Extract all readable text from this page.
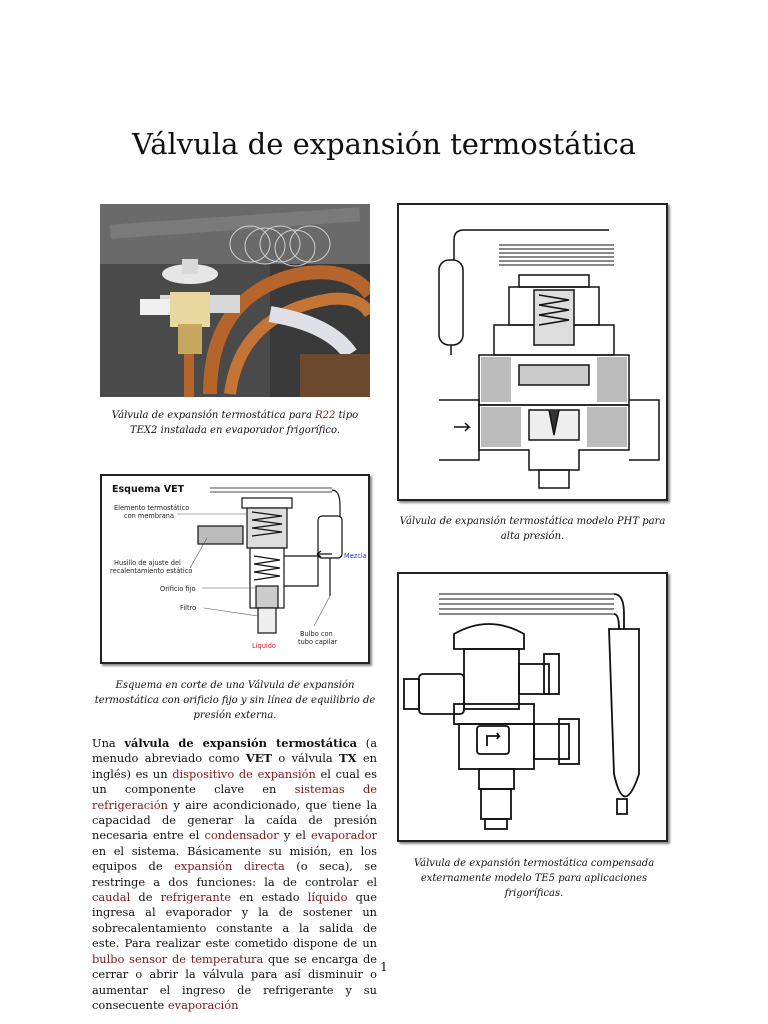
Válvula de expansión termostática
Válvula de expansión termostática para R22 tipo TEX2 instalada en evaporador frigorífico.
Válvula de expansión termostática modelo PHT para alta presión.
Esquema VET
Elemento termostático
con membrana
Husillo de ajuste del
recalentamiento estático
Orificio fijo
Filtro
Bulbo con
tubo capilar
Mezcla
Líquido
Esquema en corte de una Válvula de expansión termostática con orificio fijo y sin línea de equilibrio de presión externa.
Válvula de expansión termostática compensada externamente modelo TE5 para aplicaciones frigoríficas.
Una válvula de expansión termostática (a menudo abreviado como VET o válvula TX en inglés) es un dispositivo de expansión el cual es un componente clave en sistemas de refrigeración y aire acondicionado, que tiene la capacidad de generar la caída de presión necesaria entre el condensador y el evaporador en el sistema. Básicamente su misión, en los equipos de expansión directa (o seca), se restringe a dos funciones: la de controlar el caudal de refrigerante en estado líquido que ingresa al evaporador y la de sostener un sobrecalentamiento constante a la salida de este. Para realizar este cometido dispone de un bulbo sensor de temperatura que se encarga de cerrar o abrir la válvula para así disminuir o aumentar el ingreso de refrigerante y su consecuente evaporación
1
